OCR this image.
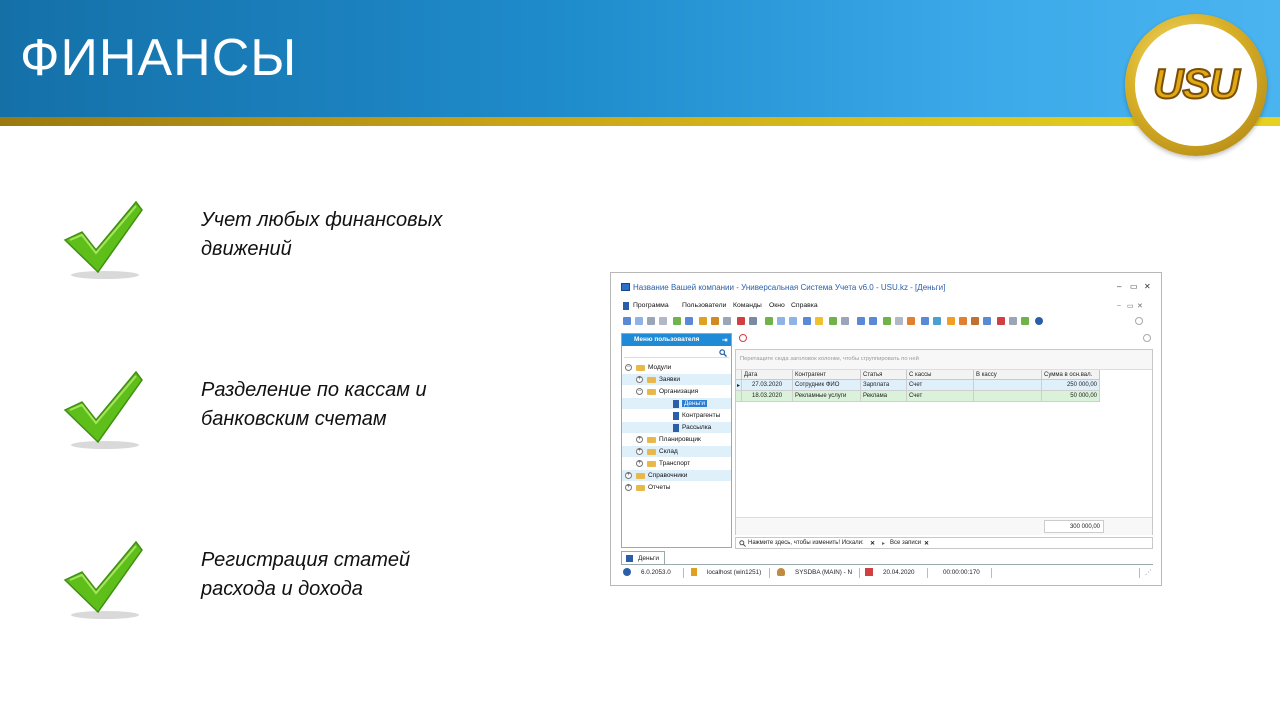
ФИНАНСЫ	USU
Учет любых финансовых
движений
Разделение по кассам и
банковским счетам
Регистрация статей
расхода и дохода
Название Вашей компании - Универсальная Система Учета v6.0 - USU.kz - [Деньги]	– ▭ ✕
Программа Пользователи Команды Окно Справка	– ▭ ✕
Меню пользователя	⇥
−	Модули
+	Заявки
−	Организация
Деньги
Контрагенты
Рассылка
+	Планировщик
+	Склад
+	Транспорт
+	Справочники
+	Отчеты
Перетащите сюда заголовок колонки, чтобы сгруппировать по ней
Дата	Контрагент	Статья	С кассы	В кассу	Сумма в осн.вал.
▸ 27.03.2020 Сотрудник ФИО	Зарплата	Счет	250 000,00
18.03.2020 Рекламные услуги	Реклама	Счет	50 000,00
300 000,00
Нажмите здесь, чтобы изменить! Искали: ✕ ▸ Все записи ✕
Деньги
6.0.2053.0	localhost (win1251)	SYSDBA (MAIN) - N	20.04.2020	00:00:00:170	⋰
